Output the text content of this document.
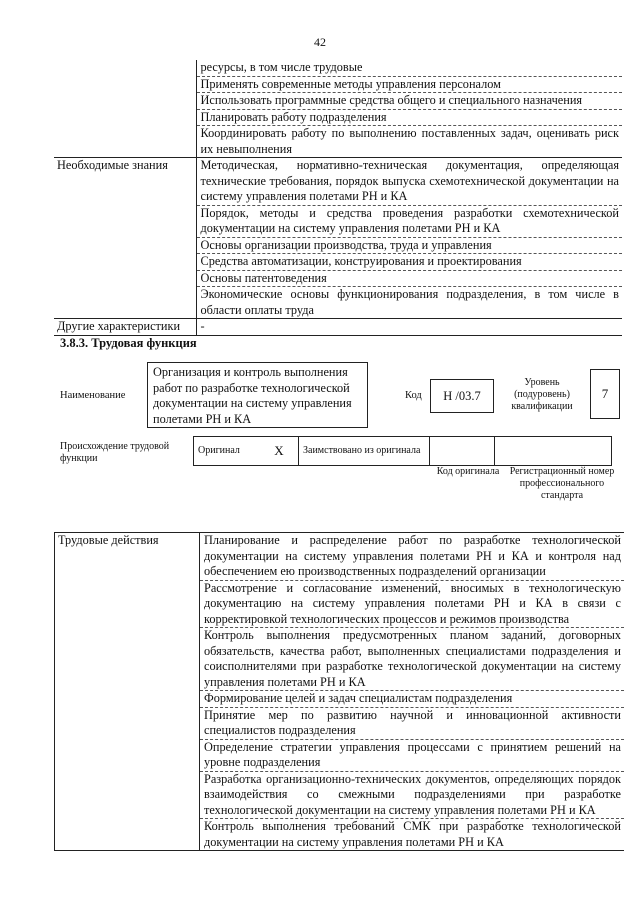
42
	ресурсы, в том числе трудовые
	Применять современные методы управления персоналом
	Использовать программные средства общего и специального назначения
	Планировать работу подразделения
	Координировать работу по выполнению поставленных задач, оценивать риск их невыполнения
Необходимые знания	Методическая, нормативно-техническая документация, определяющая технические требования, порядок выпуска схемотехнической документации на систему управления полетами РН и КА
	Порядок, методы и средства проведения разработки схемотехнической документации на систему управления полетами РН и КА
	Основы организации производства, труда и управления
	Средства автоматизации, конструирования и проектирования
	Основы патентоведения
	Экономические основы функционирования подразделения, в том числе в области оплаты труда
Другие характеристики	-
3.8.3. Трудовая функция
Наименование
Организация и контроль выполнения работ по разработке технологической документации на систему управления полетами РН и КА
Код	Н /03.7
Уровень (подуровень) квалификации
7
Происхождение трудовой функции
Оригинал	X	Заимствовано из оригинала		
Код оригинала	Регистрационный номер профессионального стандарта
Трудовые действия	Планирование и распределение работ по разработке технологической документации на систему управления полетами РН и КА и контроля над обеспечением ею производственных подразделений организации
	Рассмотрение и согласование изменений, вносимых в технологическую документацию на систему управления полетами РН и КА в связи с корректировкой технологических процессов и режимов производства
	Контроль выполнения предусмотренных планом заданий, договорных обязательств, качества работ, выполненных специалистами подразделения и соисполнителями при разработке технологической документации на систему управления полетами РН и КА
	Формирование целей и задач специалистам подразделения
	Принятие мер по развитию научной и инновационной активности специалистов подразделения
	Определение стратегии управления процессами с принятием решений на уровне подразделения
	Разработка организационно-технических документов, определяющих порядок взаимодействия со смежными подразделениями при разработке технологической документации на систему управления полетами РН и КА
	Контроль выполнения требований СМК при разработке технологической документации на систему управления полетами РН и КА
